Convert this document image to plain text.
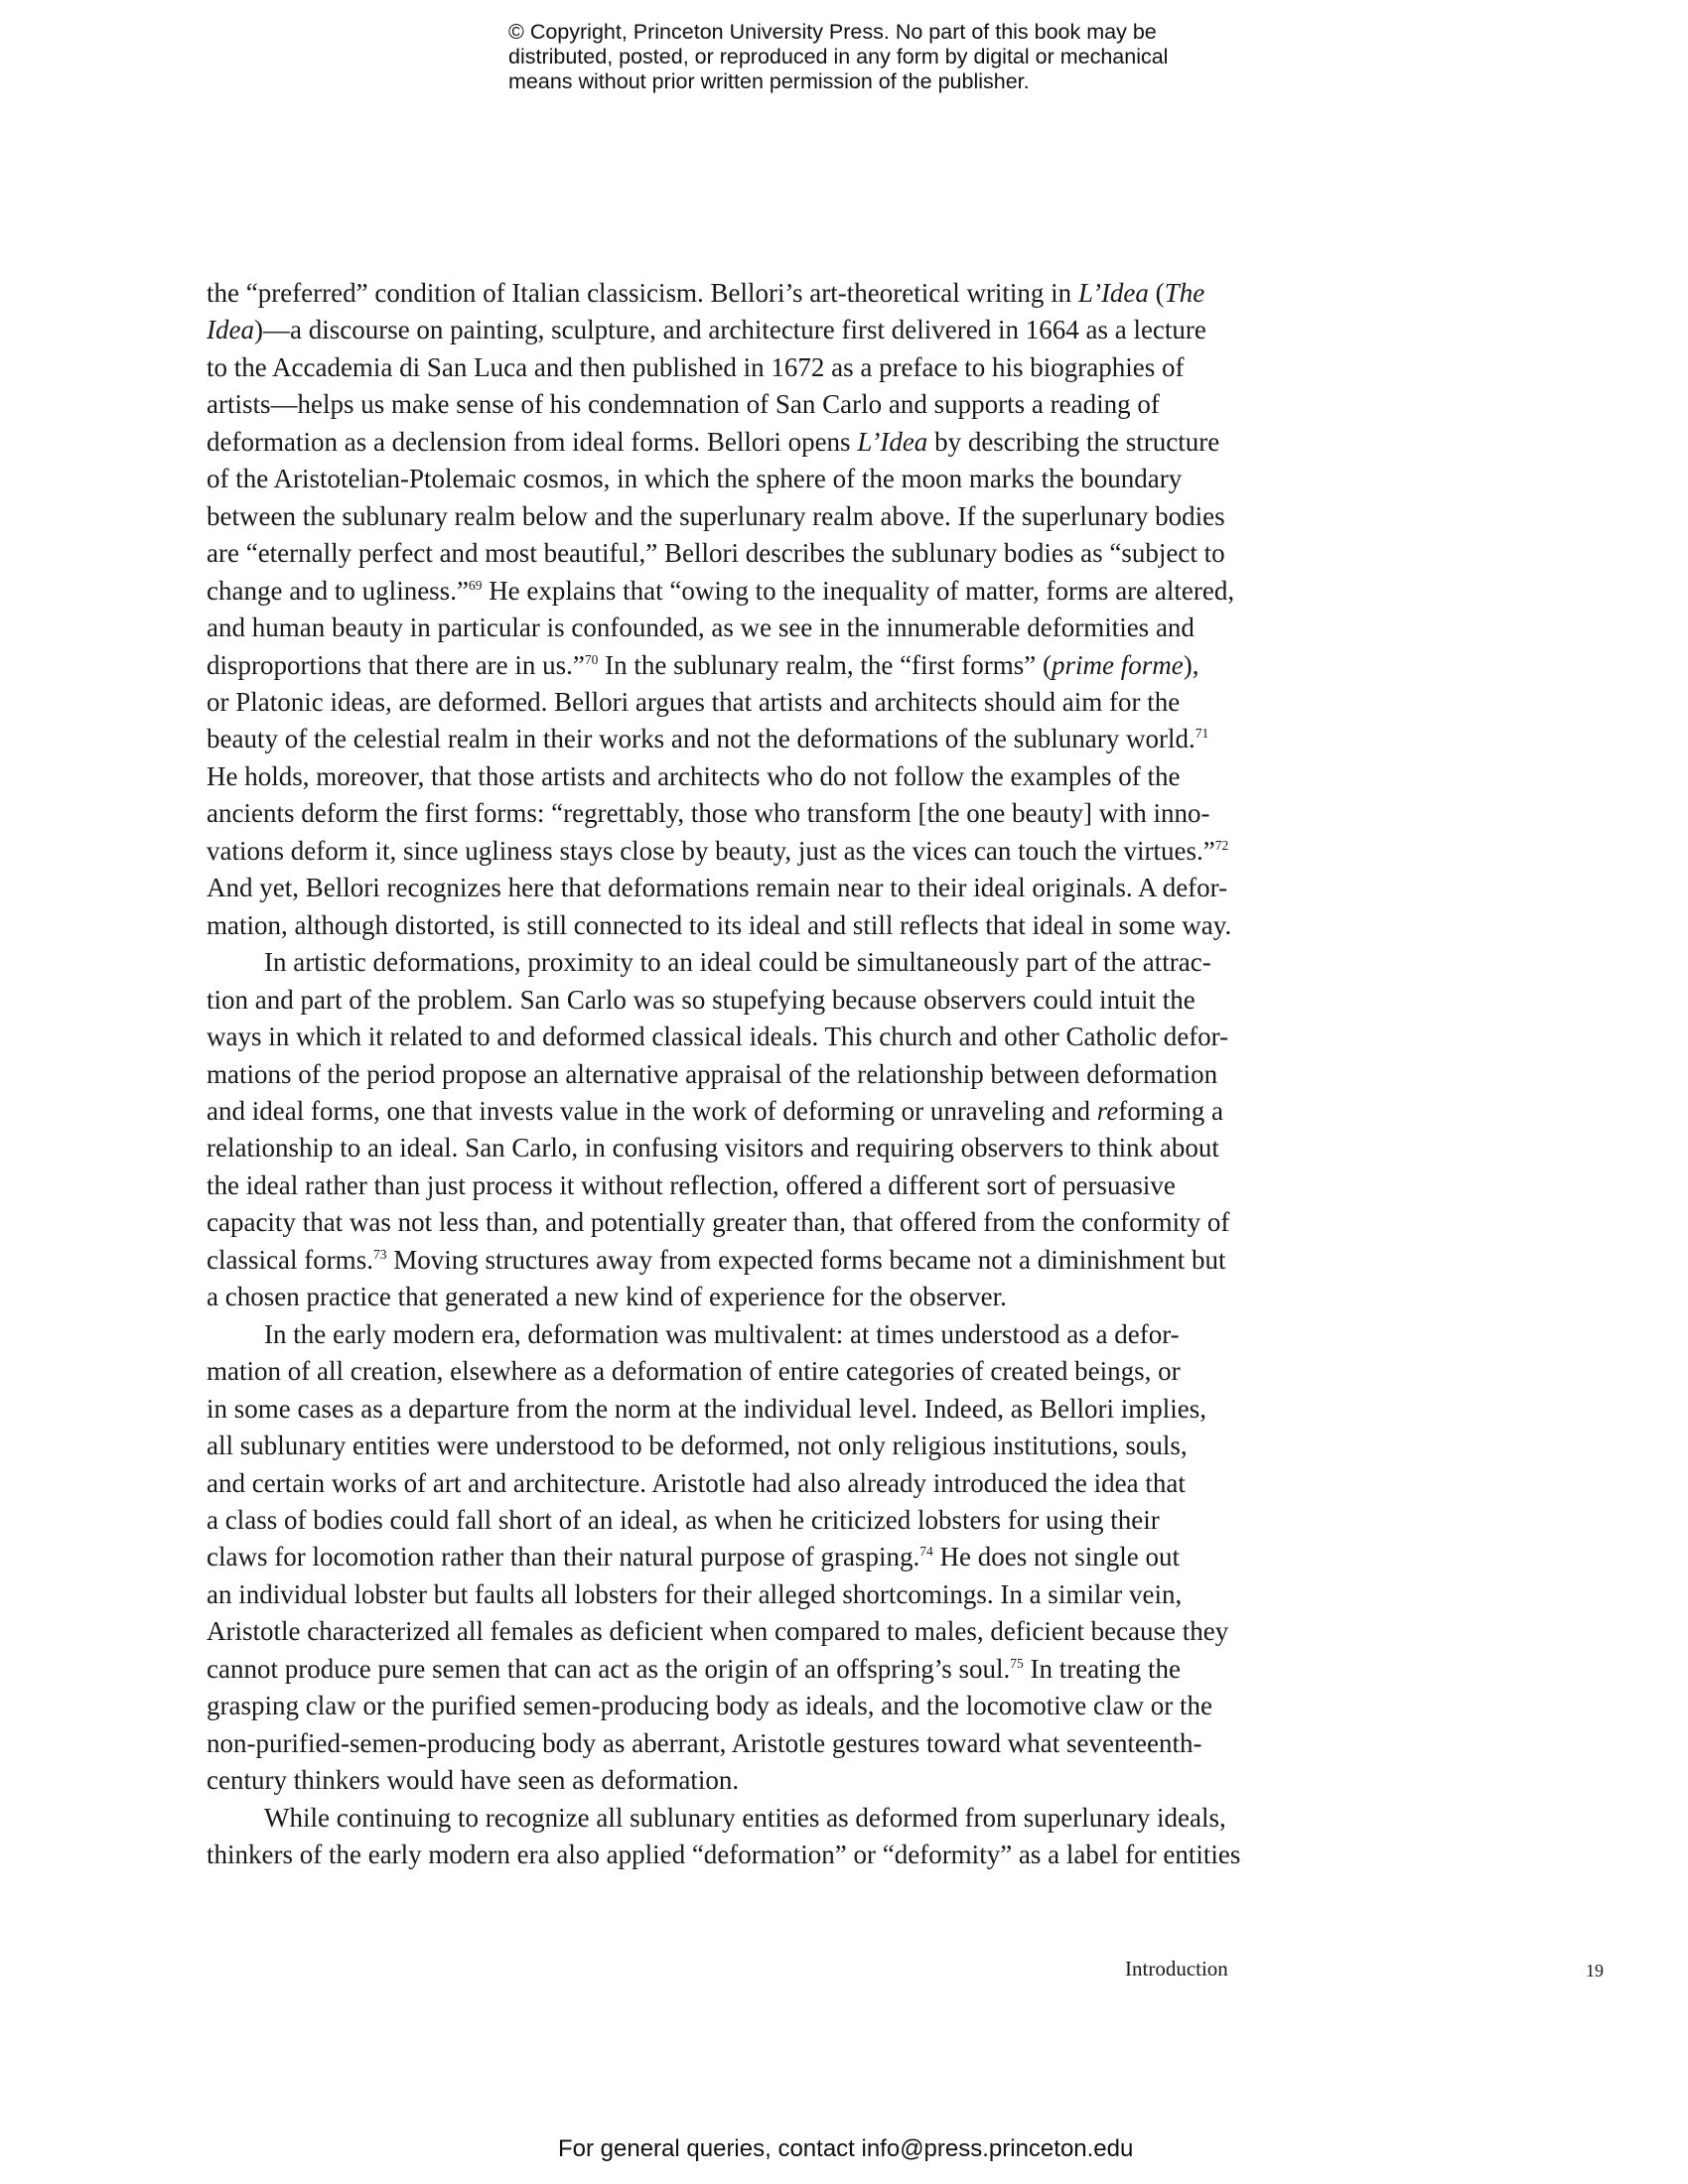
© Copyright, Princeton University Press. No part of this book may be
distributed, posted, or reproduced in any form by digital or mechanical
means without prior written permission of the publisher.
the “preferred” condition of Italian classicism. Bellori’s art-theoretical writing in L’Idea (The
Idea)—a discourse on painting, sculpture, and architecture first delivered in 1664 as a lecture
to the Accademia di San Luca and then published in 1672 as a preface to his biographies of
artists—helps us make sense of his condemnation of San Carlo and supports a reading of
deformation as a declension from ideal forms. Bellori opens L’Idea by describing the structure
of the Aristotelian-Ptolemaic cosmos, in which the sphere of the moon marks the boundary
between the sublunary realm below and the superlunary realm above. If the superlunary bodies
are “eternally perfect and most beautiful,” Bellori describes the sublunary bodies as “subject to
change and to ugliness.”$^{69}$ He explains that “owing to the inequality of matter, forms are altered,
and human beauty in particular is confounded, as we see in the innumerable deformities and
disproportions that there are in us.”$^{70}$ In the sublunary realm, the “first forms” (prime forme),
or Platonic ideas, are deformed. Bellori argues that artists and architects should aim for the
beauty of the celestial realm in their works and not the deformations of the sublunary world.$^{71}$
He holds, moreover, that those artists and architects who do not follow the examples of the
ancients deform the first forms: “regrettably, those who transform [the one beauty] with inno-
vations deform it, since ugliness stays close by beauty, just as the vices can touch the virtues.”$^{72}$
And yet, Bellori recognizes here that deformations remain near to their ideal originals. A defor-
mation, although distorted, is still connected to its ideal and still reflects that ideal in some way.
In artistic deformations, proximity to an ideal could be simultaneously part of the attrac-
tion and part of the problem. San Carlo was so stupefying because observers could intuit the
ways in which it related to and deformed classical ideals. This church and other Catholic defor-
mations of the period propose an alternative appraisal of the relationship between deformation
and ideal forms, one that invests value in the work of deforming or unraveling and reforming a
relationship to an ideal. San Carlo, in confusing visitors and requiring observers to think about
the ideal rather than just process it without reflection, offered a different sort of persuasive
capacity that was not less than, and potentially greater than, that offered from the conformity of
classical forms.$^{73}$ Moving structures away from expected forms became not a diminishment but
a chosen practice that generated a new kind of experience for the observer.
In the early modern era, deformation was multivalent: at times understood as a defor-
mation of all creation, elsewhere as a deformation of entire categories of created beings, or
in some cases as a departure from the norm at the individual level. Indeed, as Bellori implies,
all sublunary entities were understood to be deformed, not only religious institutions, souls,
and certain works of art and architecture. Aristotle had also already introduced the idea that
a class of bodies could fall short of an ideal, as when he criticized lobsters for using their
claws for locomotion rather than their natural purpose of grasping.$^{74}$ He does not single out
an individual lobster but faults all lobsters for their alleged shortcomings. In a similar vein,
Aristotle characterized all females as deficient when compared to males, deficient because they
cannot produce pure semen that can act as the origin of an offspring’s soul.$^{75}$ In treating the
grasping claw or the purified semen-producing body as ideals, and the locomotive claw or the
non-purified-semen-producing body as aberrant, Aristotle gestures toward what seventeenth-
century thinkers would have seen as deformation.
While continuing to recognize all sublunary entities as deformed from superlunary ideals,
thinkers of the early modern era also applied “deformation” or “deformity” as a label for entities
Introduction	19
For general queries, contact info@press.princeton.edu
